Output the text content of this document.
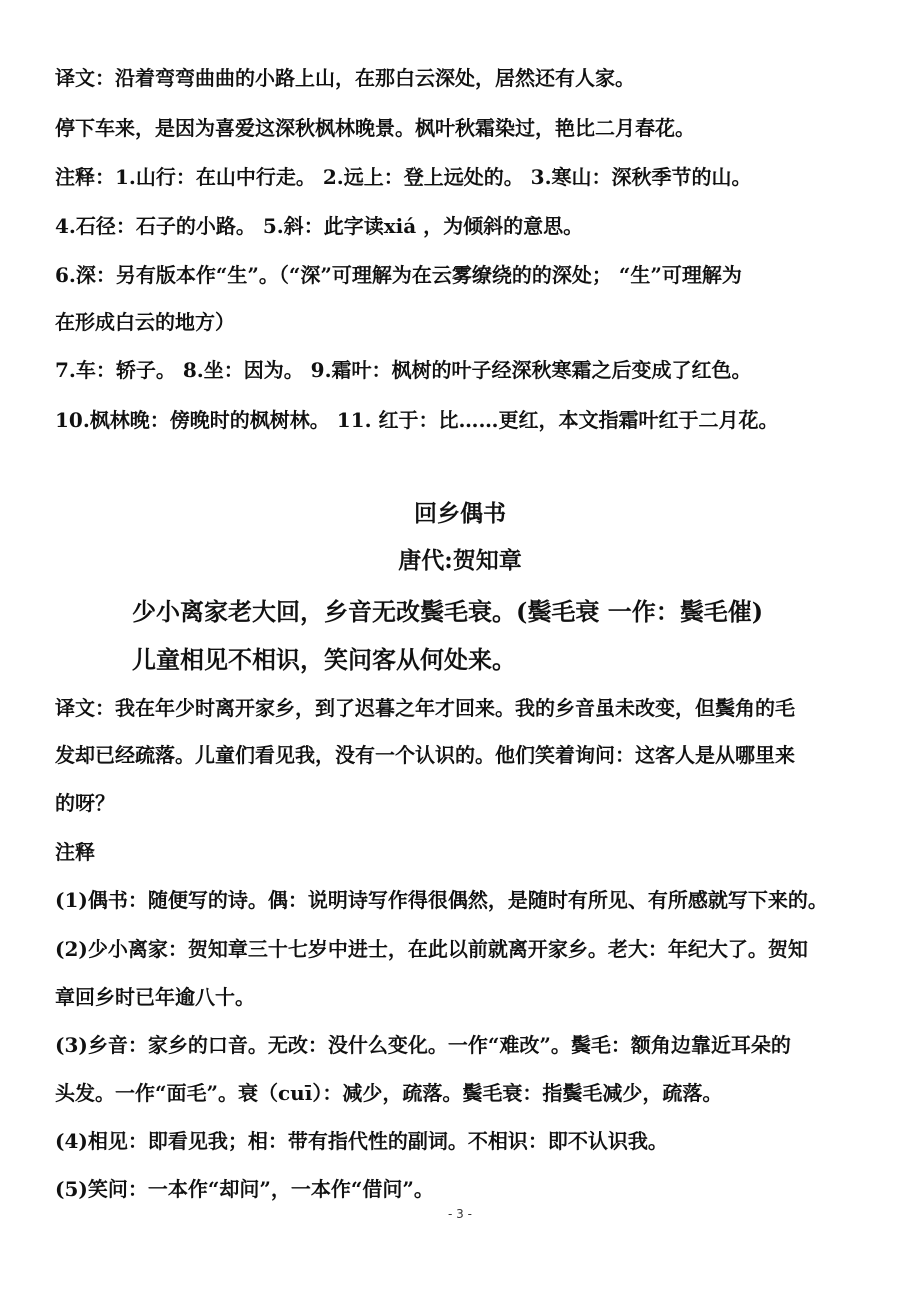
译文：沿着弯弯曲曲的小路上山，在那白云深处，居然还有人家。
停下车来，是因为喜爱这深秋枫林晚景。枫叶秋霜染过，艳比二月春花。
注释：1.山行：在山中行走。 2.远上：登上远处的。 3.寒山：深秋季节的山。
4.石径：石子的小路。 5.斜：此字读xiá ，为倾斜的意思。
6.深：另有版本作“生”。（“深”可理解为在云雾缭绕的的深处； “生”可理解为
在形成白云的地方）
7.车：轿子。 8.坐：因为。 9.霜叶：枫树的叶子经深秋寒霜之后变成了红色。
10.枫林晚：傍晚时的枫树林。 11. 红于：比……更红，本文指霜叶红于二月花。
回乡偶书
唐代:贺知章
少小离家老大回，乡音无改鬓毛衰。(鬓毛衰 一作：鬓毛催)
儿童相见不相识，笑问客从何处来。
译文：我在年少时离开家乡，到了迟暮之年才回来。我的乡音虽未改变，但鬓角的毛
发却已经疏落。儿童们看见我，没有一个认识的。他们笑着询问：这客人是从哪里来
的呀？
注释
(1)偶书：随便写的诗。偶：说明诗写作得很偶然，是随时有所见、有所感就写下来的。
(2)少小离家：贺知章三十七岁中进士，在此以前就离开家乡。老大：年纪大了。贺知
章回乡时已年逾八十。
(3)乡音：家乡的口音。无改：没什么变化。一作“难改”。鬓毛：额角边靠近耳朵的
头发。一作“面毛”。衰（cuī）：减少，疏落。鬓毛衰：指鬓毛减少，疏落。
(4)相见：即看见我；相：带有指代性的副词。不相识：即不认识我。
(5)笑问：一本作“却问”，一本作“借问”。
- 3 -
